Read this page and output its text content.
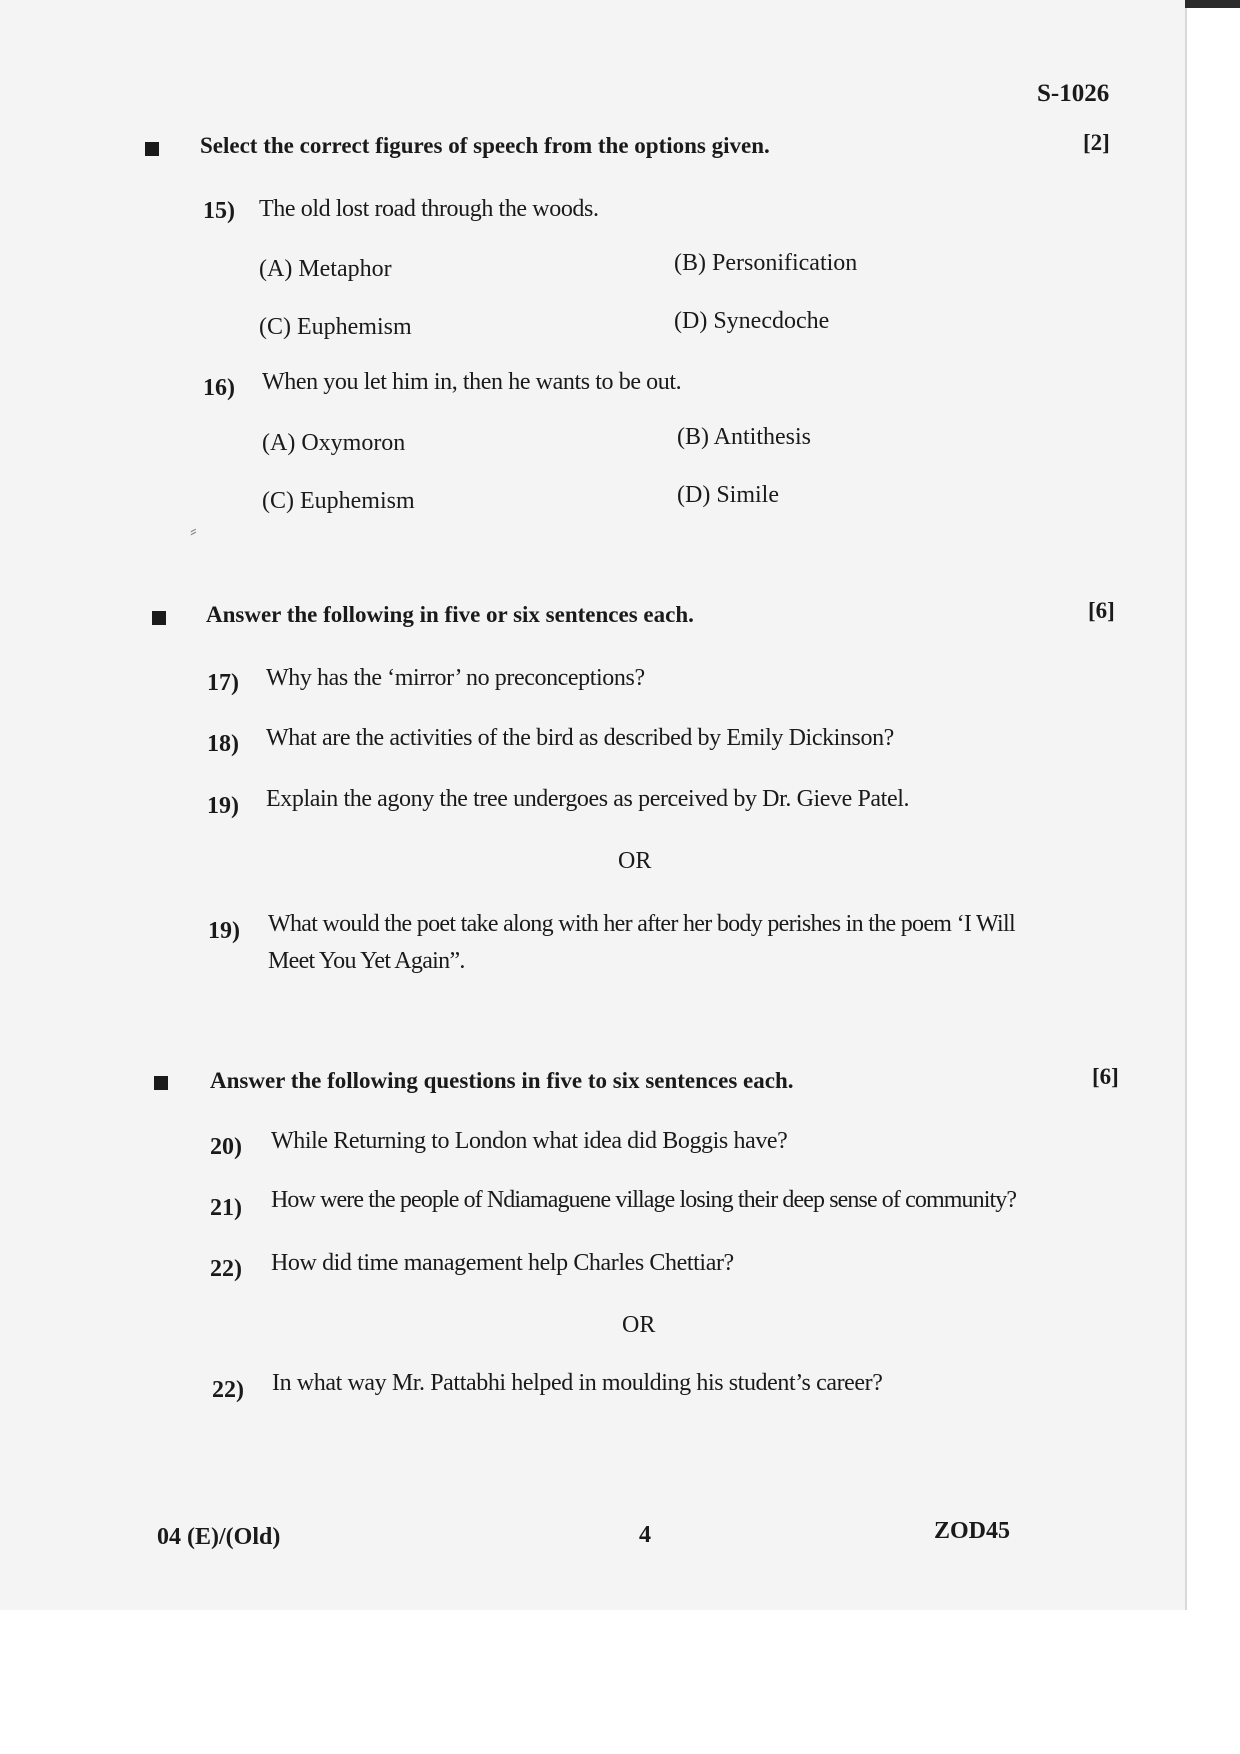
S-1026
Select the correct figures of speech from the options given.	[2]
15) The old lost road through the woods.
(A) Metaphor	(B) Personification
(C) Euphemism	(D) Synecdoche
16) When you let him in, then he wants to be out.
(A) Oxymoron	(B) Antithesis
(C) Euphemism	(D) Simile
⸗
Answer the following in five or six sentences each.	[6]
17) Why has the ‘mirror’ no preconceptions?
18) What are the activities of the bird as described by Emily Dickinson?
19) Explain the agony the tree undergoes as perceived by Dr. Gieve Patel.
OR
19) What would the poet take along with her after her body perishes in the poem ‘I Will
Meet You Yet Again”.
Answer the following questions in five to six sentences each.	[6]
20) While Returning to London what idea did Boggis have?
21) How were the people of Ndiamaguene village losing their deep sense of community?
22) How did time management help Charles Chettiar?
OR
22) In what way Mr. Pattabhi helped in moulding his student’s career?
04 (E)/(Old)	4	ZOD45
